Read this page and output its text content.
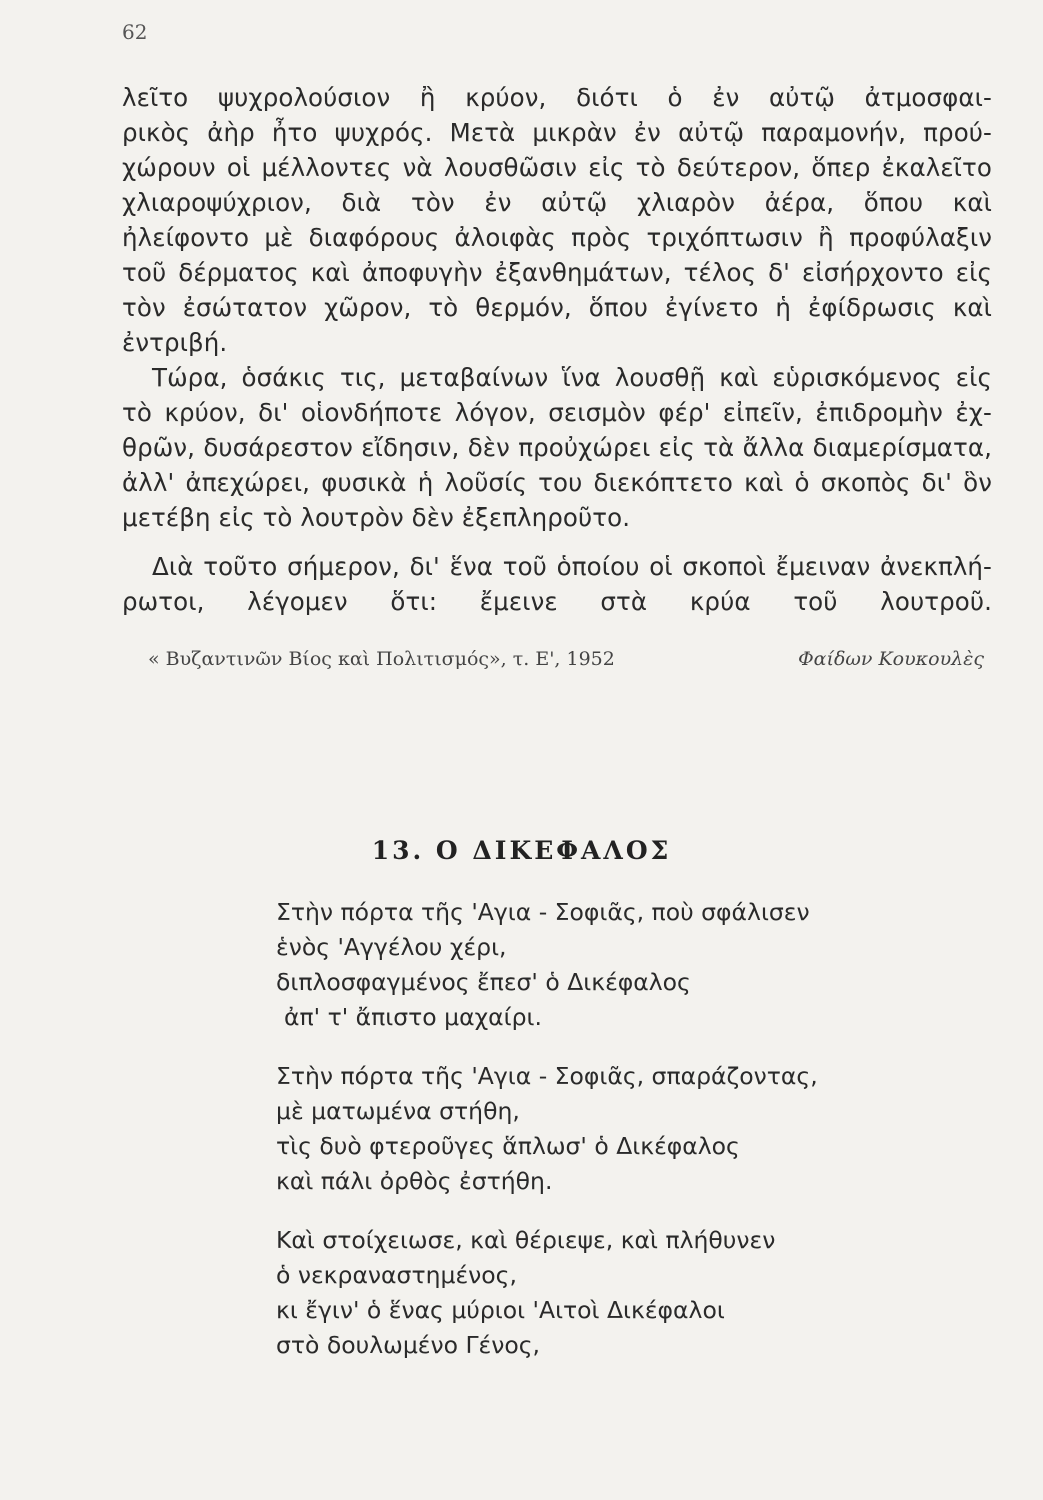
62
λεῖτο ψυχρολούσιον ἢ κρύον, διότι ὁ ἐν αὐτῷ ἀτμοσφαι-
ρικὸς ἀὴρ ἦτο ψυχρός. Μετὰ μικρὰν ἐν αὐτῷ παραμονήν, πρού-
χώρουν οἱ μέλλοντες νὰ λουσθῶσιν εἰς τὸ δεύτερον, ὅπερ ἐκαλεῖτο
χλιαροψύχριον, διὰ τὸν ἐν αὐτῷ χλιαρὸν ἀέρα, ὅπου καὶ
ἠλείφοντο μὲ διαφόρους ἀλοιφὰς πρὸς τριχόπτωσιν ἢ προφύλαξιν
τοῦ δέρματος καὶ ἀποφυγὴν ἐξανθημάτων, τέλος δ' εἰσήρχοντο εἰς
τὸν ἐσώτατον χῶρον, τὸ θερμόν, ὅπου ἐγίνετο ἡ ἐφίδρωσις καὶ
ἐντριβή.
Τώρα, ὁσάκις τις, μεταβαίνων ἵνα λουσθῇ καὶ εὑρισκόμενος εἰς
τὸ κρύον, δι' οἱονδήποτε λόγον, σεισμὸν φέρ' εἰπεῖν, ἐπιδρομὴν ἐχ-
θρῶν, δυσάρεστον εἴδησιν, δὲν προὐχώρει εἰς τὰ ἄλλα διαμερίσματα,
ἀλλ' ἀπεχώρει, φυσικὰ ἡ λοῦσίς του διεκόπτετο καὶ ὁ σκοπὸς δι' ὃν
μετέβη εἰς τὸ λουτρὸν δὲν ἐξεπληροῦτο.
Διὰ τοῦτο σήμερον, δι' ἕνα τοῦ ὁποίου οἱ σκοποὶ ἔμειναν ἀνεκπλή-
ρωτοι, λέγομεν ὅτι: ἔμεινε στὰ κρύα τοῦ λουτροῦ.
« Βυζαντινῶν Βίος καὶ Πολιτισμός», τ. Ε', 1952	Φαίδων Κουκουλὲς
13. Ο ΔΙΚΕΦΑΛΟΣ
Στὴν πόρτα τῆς 'Αγια - Σοφιᾶς, ποὺ σφάλισεν
ἑνὸς 'Αγγέλου χέρι,
διπλοσφαγμένος ἔπεσ' ὁ Δικέφαλος
ἀπ' τ' ἄπιστο μαχαίρι.
Στὴν πόρτα τῆς 'Αγια - Σοφιᾶς, σπαράζοντας,
μὲ ματωμένα στήθη,
τὶς δυὸ φτεροῦγες ἅπλωσ' ὁ Δικέφαλος
καὶ πάλι ὀρθὸς ἐστήθη.
Καὶ στοίχειωσε, καὶ θέριεψε, καὶ πλήθυνεν
ὁ νεκραναστημένος,
κι ἔγιν' ὁ ἕνας μύριοι 'Αιτοὶ Δικέφαλοι
στὸ δουλωμένο Γένος,
